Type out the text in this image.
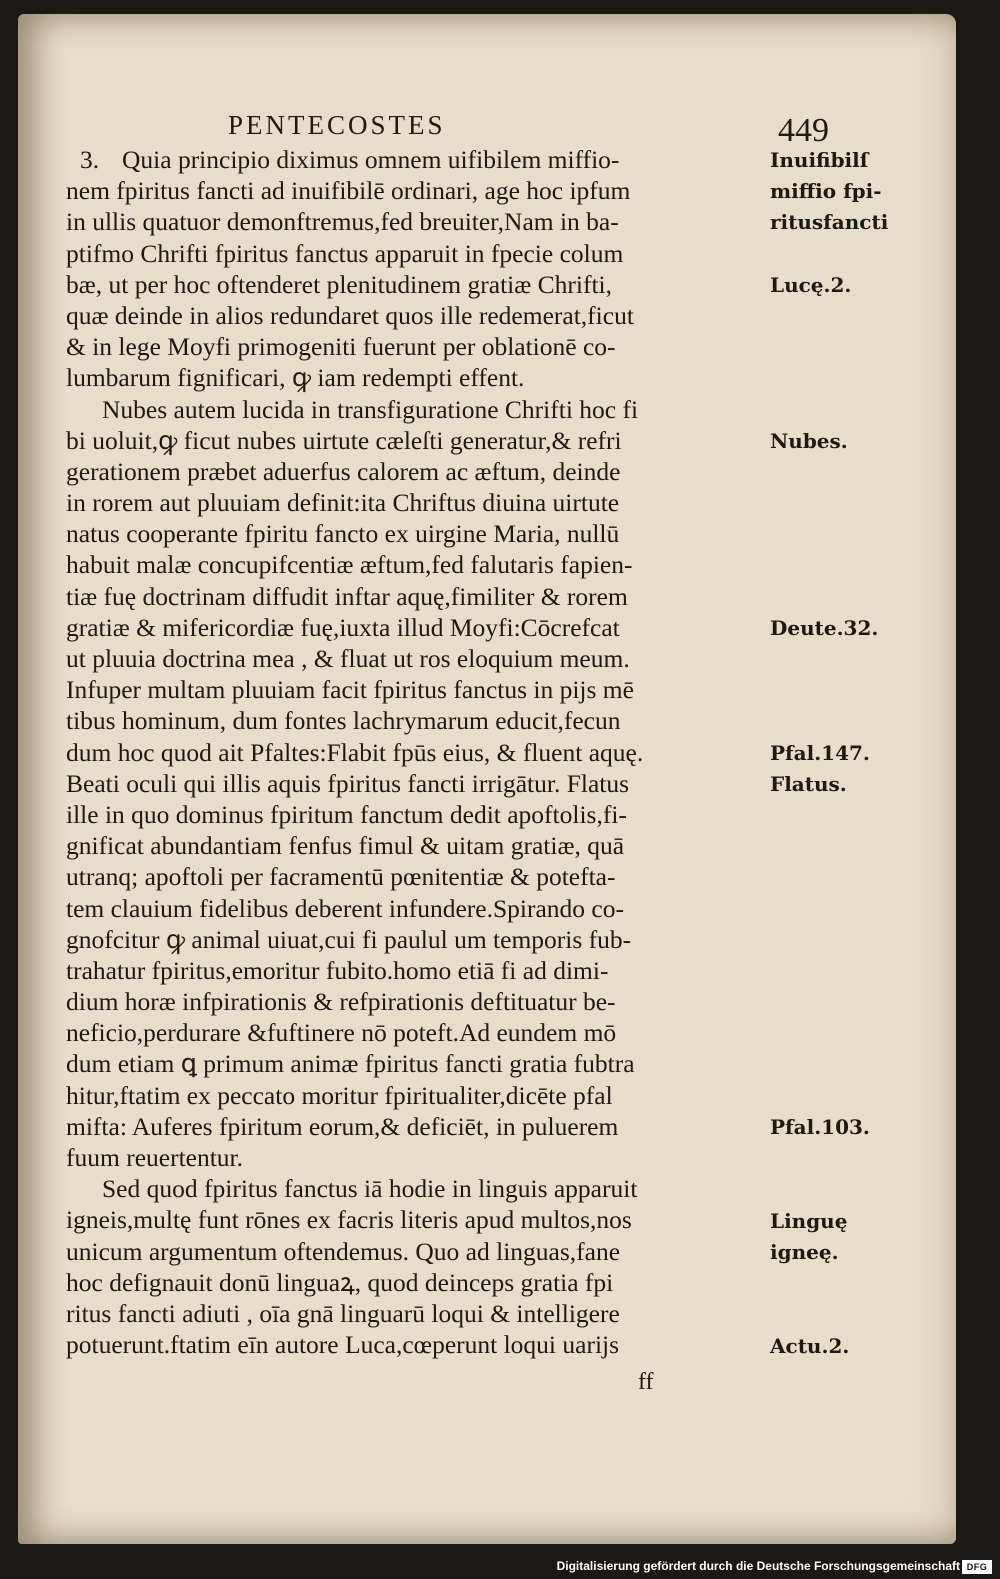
PENTECOSTES	449
3. Quia principio diximus omnem uifibilem miffio-
nem fpiritus fancti ad inuifibilē ordinari, age hoc ipfum
in ullis quatuor demonftremus,fed breuiter,Nam in ba-
ptifmo Chrifti fpiritus fanctus apparuit in fpecie colum
bæ, ut per hoc oftenderet plenitudinem gratiæ Chrifti,
quæ deinde in alios redundaret quos ille redemerat,ficut
& in lege Moyfi primogeniti fuerunt per oblationē co-
lumbarum fignificari, ꝙ iam redempti effent.
Nubes autem lucida in transfiguratione Chrifti hoc fi
bi uoluit,ꝙ ficut nubes uirtute cæleſti generatur,& refri
gerationem præbet aduerfus calorem ac æftum, deinde
in rorem aut pluuiam definit:ita Chriftus diuina uirtute
natus cooperante fpiritu fancto ex uirgine Maria, nullū
habuit malæ concupifcentiæ æftum,fed falutaris fapien-
tiæ fuę doctrinam diffudit inftar aquę,fimiliter & rorem
gratiæ & mifericordiæ fuę,iuxta illud Moyfi:Cōcrefcat
ut pluuia doctrina mea , & fluat ut ros eloquium meum.
Infuper multam pluuiam facit fpiritus fanctus in pijs mē
tibus hominum, dum fontes lachrymarum educit,fecun
dum hoc quod ait Pfaltes:Flabit fpūs eius, & fluent aquę.
Beati oculi qui illis aquis fpiritus fancti irrigātur. Flatus
ille in quo dominus fpiritum fanctum dedit apoftolis,fi-
gnificat abundantiam fenfus fimul & uitam gratiæ, quā
utranq; apoftoli per facramentū pœnitentiæ & potefta-
tem clauium fidelibus deberent infundere.Spirando co-
gnofcitur ꝙ animal uiuat,cui fi paulul um temporis fub-
trahatur fpiritus,emoritur fubito.homo etiā fi ad dimi-
dium horæ infpirationis & refpirationis deftituatur be-
neficio,perdurare &fuftinere nō poteft.Ad eundem mō
dum etiam ꝗ primum animæ fpiritus fancti gratia fubtra
hitur,ftatim ex peccato moritur fpiritualiter,dicēte pfal
mifta: Auferes fpiritum eorum,& deficiēt, in puluerem
fuum reuertentur.
Sed quod fpiritus fanctus iā hodie in linguis apparuit
igneis,multę funt rōnes ex facris literis apud multos,nos
unicum argumentum oftendemus. Quo ad linguas,fane
hoc defignauit donū linguaꝝ, quod deinceps gratia fpi
ritus fancti adiuti , oīa gnā linguarū loqui & intelligere
potuerunt.ftatim eīn autore Luca,cœperunt loqui uarijs
Inuifibilſ
miffio fpi-
ritusfancti
Lucę.2.
Nubes.
Deute.32.
Pfal.147.
Flatus.
Pfal.103.
Linguę
igneę.
Actu.2.
ff
Digitalisierung gefördert durch die Deutsche Forschungsgemeinschaft DFG
